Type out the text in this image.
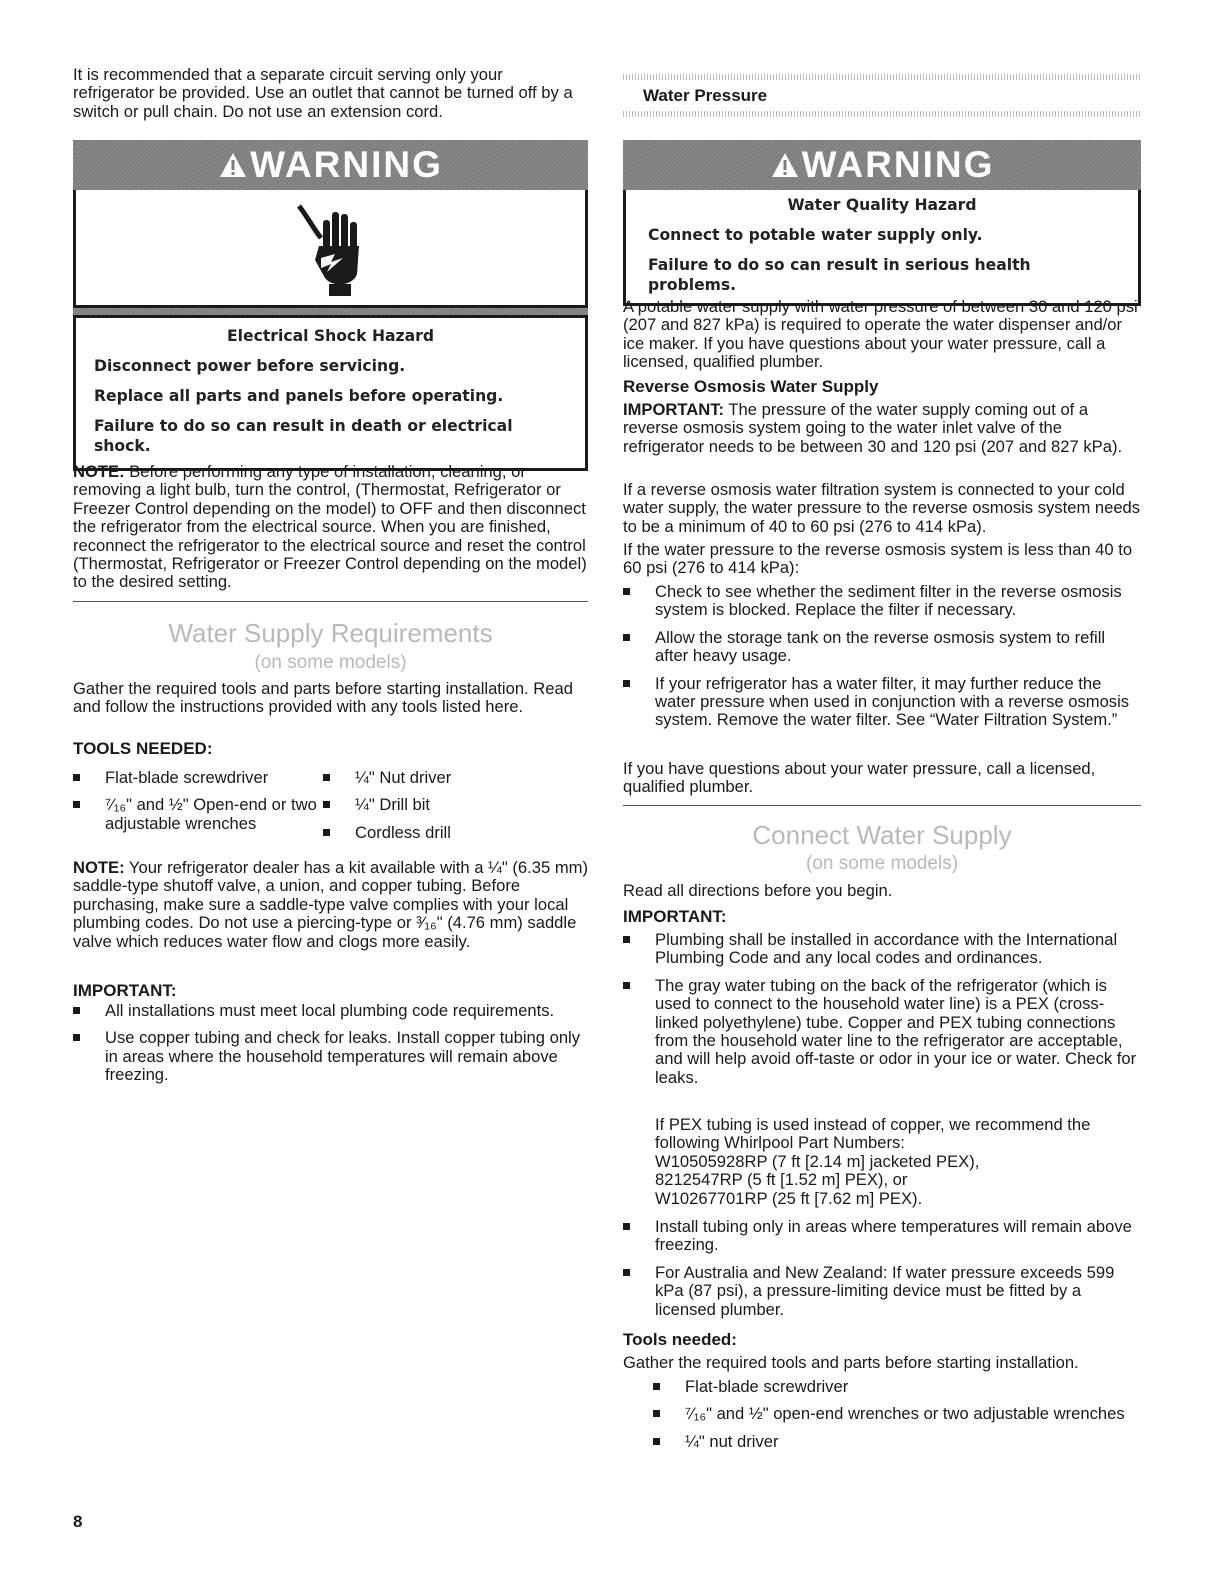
It is recommended that a separate circuit serving only your refrigerator be provided. Use an outlet that cannot be turned off by a switch or pull chain. Do not use an extension cord.

WARNING

Electrical Shock Hazard

Disconnect power before servicing.

Replace all parts and panels before operating.

Failure to do so can result in death or electrical shock.

NOTE: Before performing any type of installation, cleaning, or removing a light bulb, turn the control, (Thermostat, Refrigerator or Freezer Control depending on the model) to OFF and then disconnect the refrigerator from the electrical source. When you are finished, reconnect the refrigerator to the electrical source and reset the control (Thermostat, Refrigerator or Freezer Control depending on the model) to the desired setting.

Water Supply Requirements

(on some models)

Gather the required tools and parts before starting installation. Read and follow the instructions provided with any tools listed here.

TOOLS NEEDED:

Flat-blade screwdriver
⁷⁄₁₆" and ½" Open-end or two adjustable wrenches
¼" Nut driver
¼" Drill bit
Cordless drill

NOTE: Your refrigerator dealer has a kit available with a ¼" (6.35 mm) saddle-type shutoff valve, a union, and copper tubing. Before purchasing, make sure a saddle-type valve complies with your local plumbing codes. Do not use a piercing-type or ³⁄₁₆" (4.76 mm) saddle valve which reduces water flow and clogs more easily.

IMPORTANT:

All installations must meet local plumbing code requirements.
Use copper tubing and check for leaks. Install copper tubing only in areas where the household temperatures will remain above freezing.

Water Pressure

WARNING

Water Quality Hazard

Connect to potable water supply only.

Failure to do so can result in serious health problems.

A potable water supply with water pressure of between 30 and 120 psi (207 and 827 kPa) is required to operate the water dispenser and/or ice maker. If you have questions about your water pressure, call a licensed, qualified plumber.

Reverse Osmosis Water Supply

IMPORTANT: The pressure of the water supply coming out of a reverse osmosis system going to the water inlet valve of the refrigerator needs to be between 30 and 120 psi (207 and 827 kPa).

If a reverse osmosis water filtration system is connected to your cold water supply, the water pressure to the reverse osmosis system needs to be a minimum of 40 to 60 psi (276 to 414 kPa).

If the water pressure to the reverse osmosis system is less than 40 to 60 psi (276 to 414 kPa):

Check to see whether the sediment filter in the reverse osmosis system is blocked. Replace the filter if necessary.
Allow the storage tank on the reverse osmosis system to refill after heavy usage.
If your refrigerator has a water filter, it may further reduce the water pressure when used in conjunction with a reverse osmosis system. Remove the water filter. See “Water Filtration System.”

If you have questions about your water pressure, call a licensed, qualified plumber.

Connect Water Supply

(on some models)

Read all directions before you begin.

IMPORTANT:

Plumbing shall be installed in accordance with the International Plumbing Code and any local codes and ordinances.
The gray water tubing on the back of the refrigerator (which is used to connect to the household water line) is a PEX (cross-linked polyethylene) tube. Copper and PEX tubing connections from the household water line to the refrigerator are acceptable, and will help avoid off-taste or odor in your ice or water. Check for leaks.

If PEX tubing is used instead of copper, we recommend the following Whirlpool Part Numbers:

W10505928RP (7 ft [2.14 m] jacketed PEX),

8212547RP (5 ft [1.52 m] PEX), or

W10267701RP (25 ft [7.62 m] PEX).

Install tubing only in areas where temperatures will remain above freezing.
For Australia and New Zealand: If water pressure exceeds 599 kPa (87 psi), a pressure-limiting device must be fitted by a licensed plumber.

Tools needed:

Gather the required tools and parts before starting installation.

Flat-blade screwdriver
⁷⁄₁₆" and ½" open-end wrenches or two adjustable wrenches
¼" nut driver
8
